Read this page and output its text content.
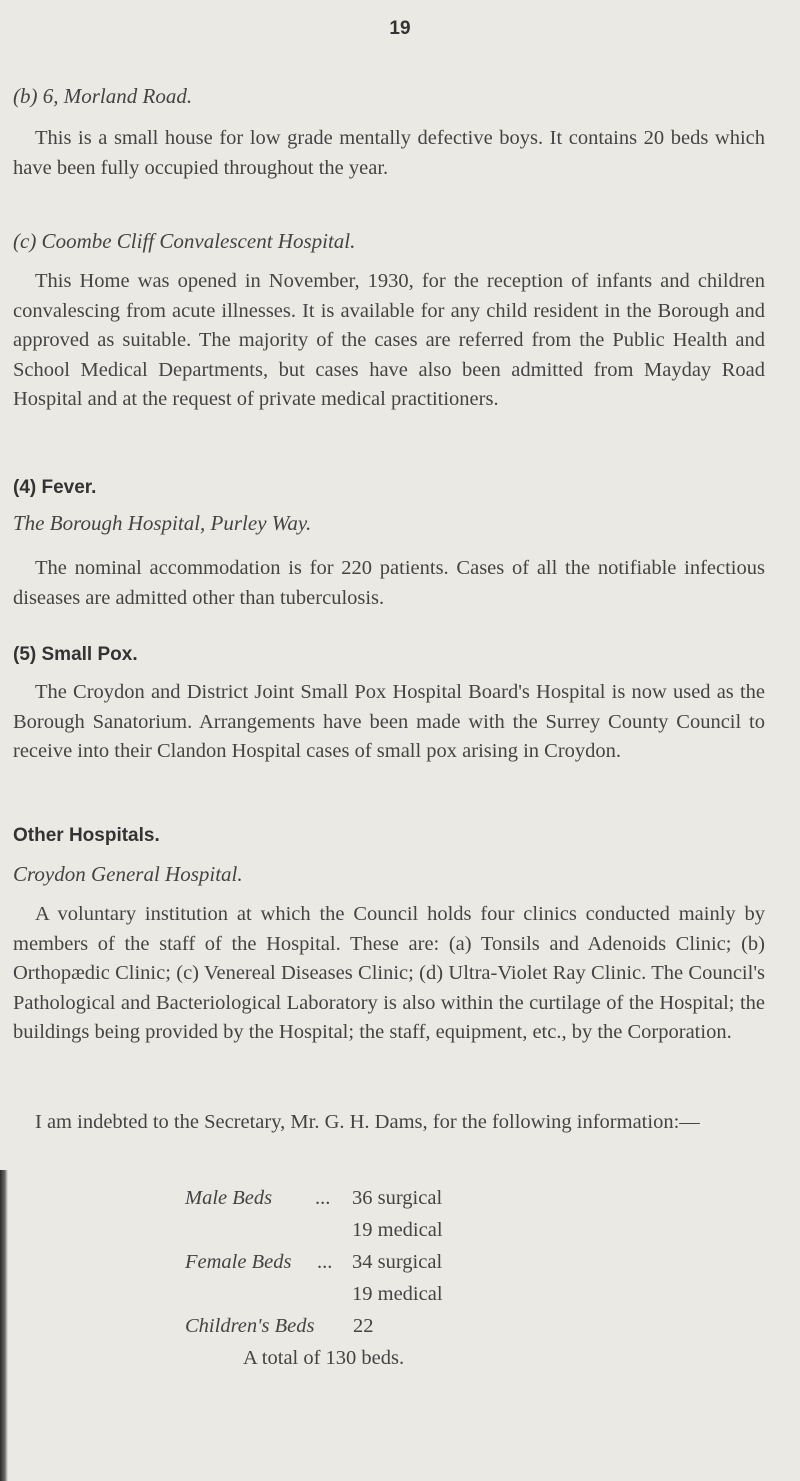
19
(b) 6, Morland Road.

This is a small house for low grade mentally defective boys. It contains 20 beds which have been fully occupied throughout the year.

(c) Coombe Cliff Convalescent Hospital.

This Home was opened in November, 1930, for the reception of infants and children convalescing from acute illnesses. It is available for any child resident in the Borough and approved as suitable. The majority of the cases are referred from the Public Health and School Medical Departments, but cases have also been admitted from Mayday Road Hospital and at the request of private medical practitioners.

(4) Fever.
The Borough Hospital, Purley Way.

The nominal accommodation is for 220 patients. Cases of all the notifiable infectious diseases are admitted other than tuberculosis.

(5) Small Pox.

The Croydon and District Joint Small Pox Hospital Board's Hospital is now used as the Borough Sanatorium. Arrangements have been made with the Surrey County Council to receive into their Clandon Hospital cases of small pox arising in Croydon.

Other Hospitals.
Croydon General Hospital.

A voluntary institution at which the Council holds four clinics conducted mainly by members of the staff of the Hospital. These are: (a) Tonsils and Adenoids Clinic; (b) Orthopædic Clinic; (c) Venereal Diseases Clinic; (d) Ultra-Violet Ray Clinic. The Council's Pathological and Bacteriological Laboratory is also within the curtilage of the Hospital; the buildings being provided by the Hospital; the staff, equipment, etc., by the Corporation.

I am indebted to the Secretary, Mr. G. H. Dams, for the following information:—

Male Beds ... 36 surgical
19 medical
Female Beds ... 34 surgical
19 medical
Children's Beds 22
A total of 130 beds.
